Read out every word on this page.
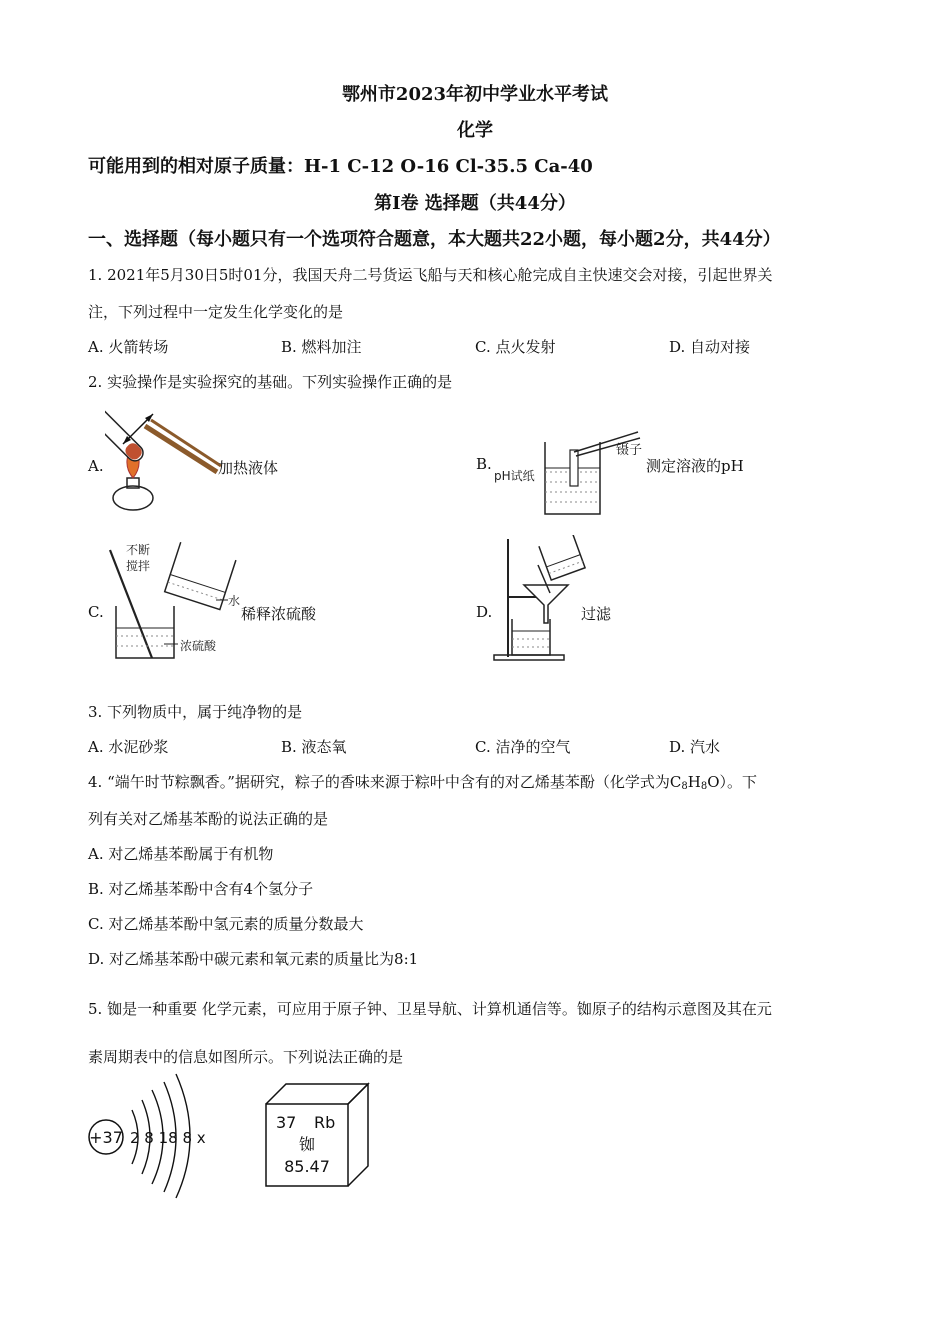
鄂州市2023年初中学业水平考试
化学
可能用到的相对原子质量：H-1 C-12 O-16 Cl-35.5 Ca-40
第Ⅰ卷 选择题（共44分）
一、选择题（每小题只有一个选项符合题意，本大题共22小题，每小题2分，共44分）
1. 2021年5月30日5时01分，我国天舟二号货运飞船与天和核心舱完成自主快速交会对接，引起世界关
注，下列过程中一定发生化学变化的是
A. 火箭转场	B. 燃料加注	C. 点火发射	D. 自动对接
2. 实验操作是实验探究的基础。下列实验操作正确的是
A.	加热液体	B.
镊子
pH试纸
测定溶液的pH
C.
不断
搅拌
水
浓硫酸
稀释浓硫酸	D.	过滤
3. 下列物质中，属于纯净物的是
A. 水泥砂浆	B. 液态氧	C. 洁净的空气	D. 汽水
4. “端午时节粽飘香。”据研究，粽子的香味来源于粽叶中含有的对乙烯基苯酚（化学式为$C_8H_8O$）。下
列有关对乙烯基苯酚的说法正确的是
A. 对乙烯基苯酚属于有机物
B. 对乙烯基苯酚中含有4个氢分子
C. 对乙烯基苯酚中氢元素的质量分数最大
D. 对乙烯基苯酚中碳元素和氧元素的质量比为8:1
5. 铷是一种重要 化学元素，可应用于原子钟、卫星导航、计算机通信等。铷原子的结构示意图及其在元
素周期表中的信息如图所示。下列说法正确的是
+37 2 8 18 8 x
37 Rb
铷
85.47
